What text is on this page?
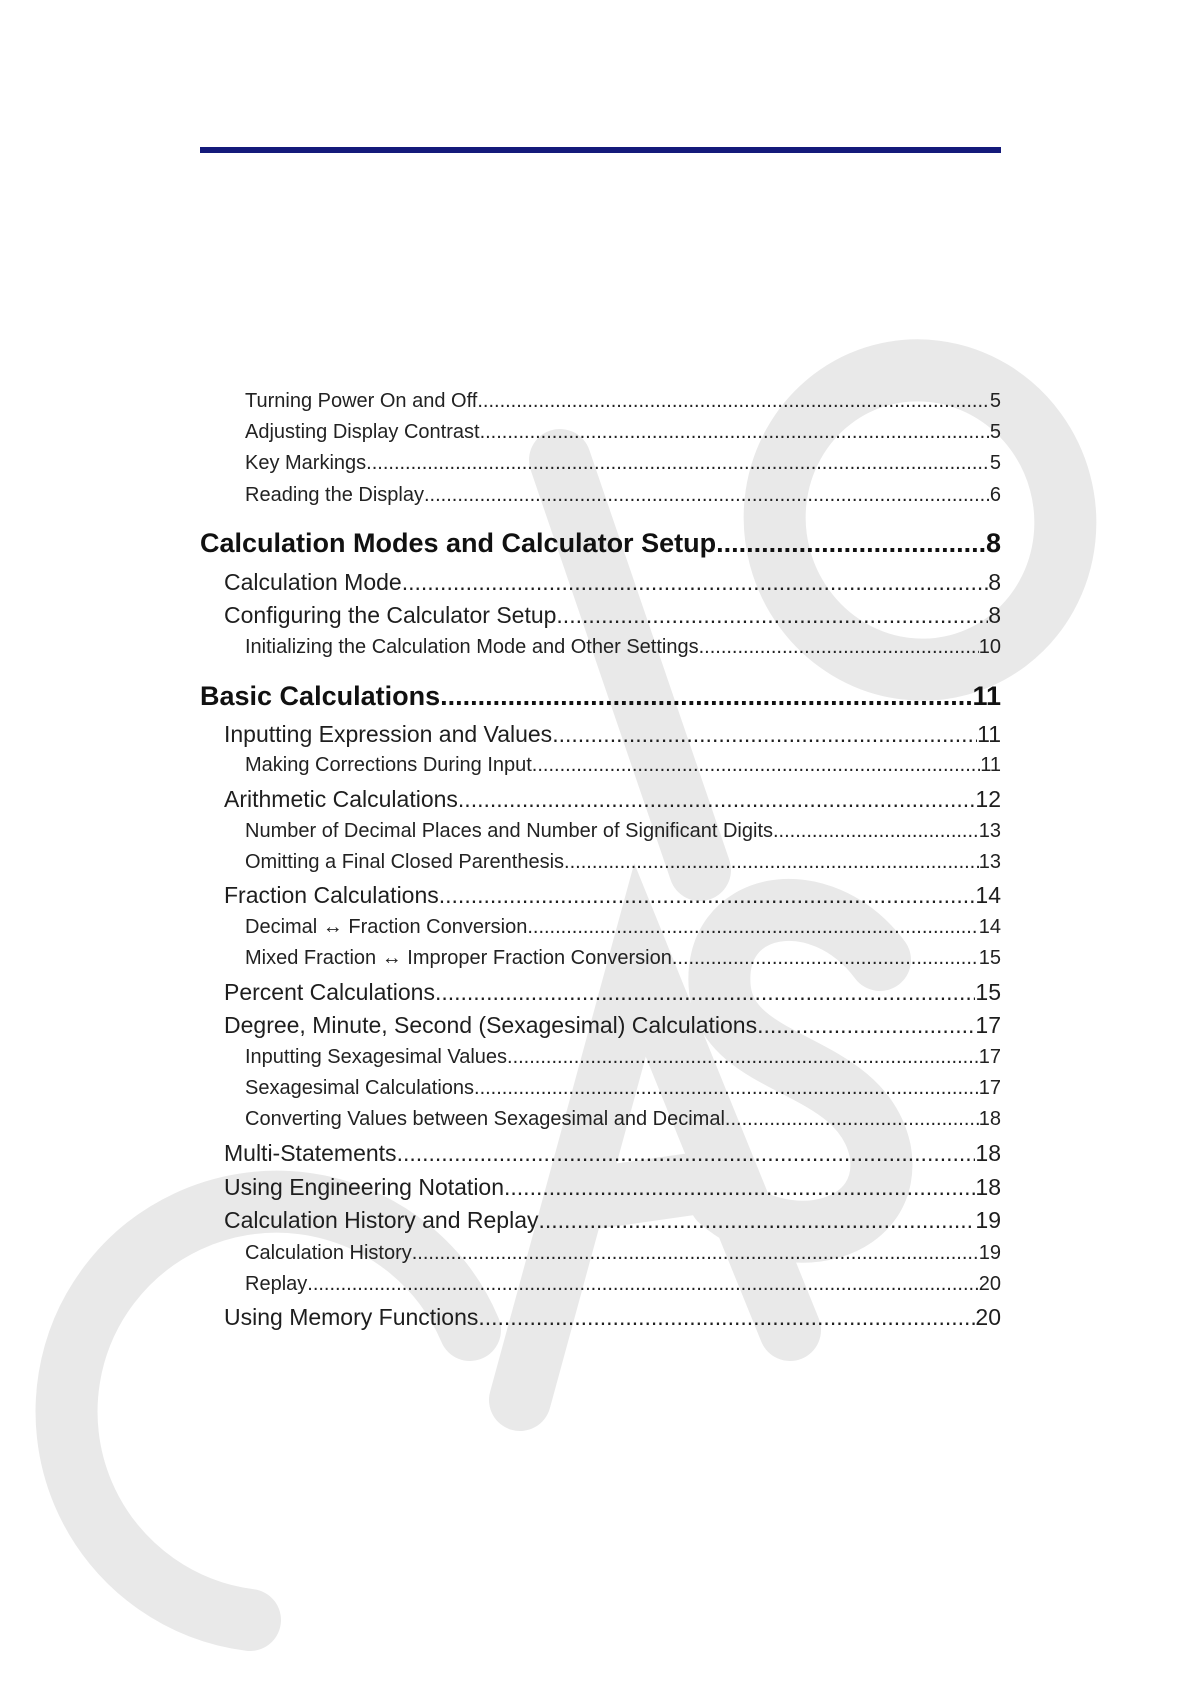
Turning Power On and Off .....	5
Adjusting Display Contrast .....	5
Key Markings .....	5
Reading the Display .....	6
Calculation Modes and Calculator Setup .....	8
Calculation Mode .....	8
Configuring the Calculator Setup .....	8
Initializing the Calculation Mode and Other Settings .....	10
Basic Calculations .....	11
Inputting Expression and Values .....	11
Making Corrections During Input .....	11
Arithmetic Calculations .....	12
Number of Decimal Places and Number of Significant Digits .....	13
Omitting a Final Closed Parenthesis .....	13
Fraction Calculations .....	14
Decimal ↔ Fraction Conversion .....	14
Mixed Fraction ↔ Improper Fraction Conversion .....	15
Percent Calculations .....	15
Degree, Minute, Second (Sexagesimal) Calculations .....	17
Inputting Sexagesimal Values .....	17
Sexagesimal Calculations .....	17
Converting Values between Sexagesimal and Decimal .....	18
Multi-Statements .....	18
Using Engineering Notation .....	18
Calculation History and Replay .....	19
Calculation History .....	19
Replay .....	20
Using Memory Functions .....	20
